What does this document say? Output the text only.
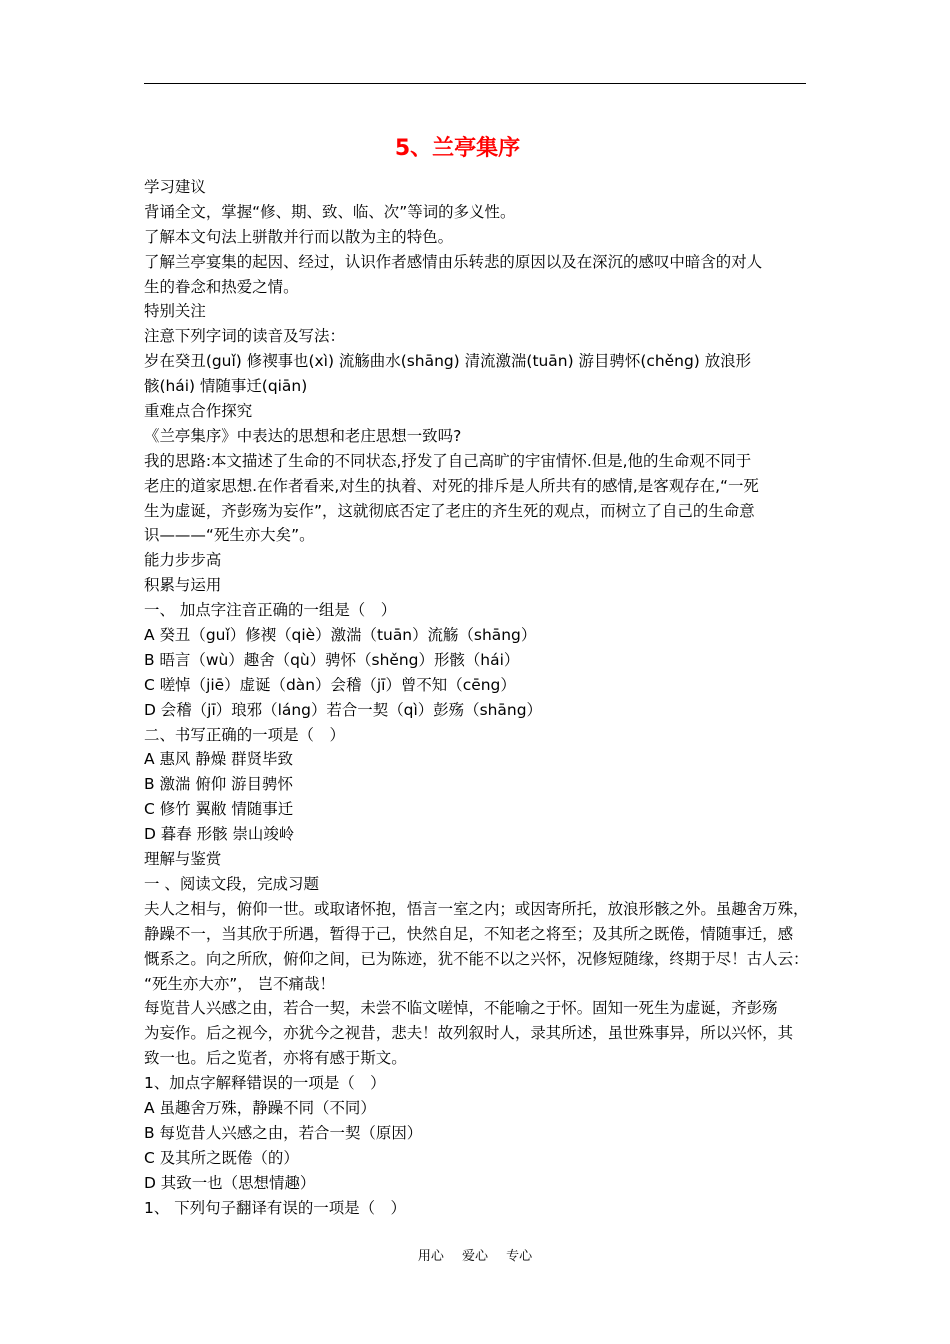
5、兰亭集序
学习建议
背诵全文，掌握“修、期、致、临、次”等词的多义性。
了解本文句法上骈散并行而以散为主的特色。
了解兰亭宴集的起因、经过，认识作者感情由乐转悲的原因以及在深沉的感叹中暗含的对人
生的眷念和热爱之情。
特别关注
注意下列字词的读音及写法：
岁在癸丑(guǐ) 修禊事也(xì) 流觞曲水(shāng) 清流激湍(tuān) 游目骋怀(chěng) 放浪形
骸(hái) 情随事迁(qiān)
重难点合作探究
《兰亭集序》中表达的思想和老庄思想一致吗?
我的思路:本文描述了生命的不同状态,抒发了自己高旷的宇宙情怀.但是,他的生命观不同于
老庄的道家思想.在作者看来,对生的执着、对死的排斥是人所共有的感情,是客观存在,“一死
生为虚诞，齐彭殇为妄作”，这就彻底否定了老庄的齐生死的观点，而树立了自己的生命意
识———“死生亦大矣”。
能力步步高
积累与运用
一、 加点字注音正确的一组是（　）
A 癸丑（guǐ）修禊（qiè）激湍（tuān）流觞（shāng）
B 晤言（wù）趣舍（qù）骋怀（shěng）形骸（hái）
C 嗟悼（jiē）虚诞（dàn）会稽（jī）曾不知（cēng）
D 会稽（jī）琅邪（láng）若合一契（qì）彭殇（shāng）
二、书写正确的一项是（　）
A 惠风 静燥 群贤毕致
B 激湍 俯仰 游目骋怀
C 修竹 翼敝 情随事迁
D 暮春 形骸 崇山竣岭
理解与鉴赏
一 、阅读文段，完成习题
夫人之相与，俯仰一世。或取诸怀抱，悟言一室之内；或因寄所托，放浪形骸之外。虽趣舍万殊，
静躁不一，当其欣于所遇，暂得于己，快然自足，不知老之将至；及其所之既倦，情随事迁，感
慨系之。向之所欣，俯仰之间，已为陈迹，犹不能不以之兴怀，况修短随缘，终期于尽！古人云：
“死生亦大亦”， 岂不痛哉！
每览昔人兴感之由，若合一契，未尝不临文嗟悼，不能喻之于怀。固知一死生为虚诞，齐彭殇
为妄作。后之视今，亦犹今之视昔，悲夫！故列叙时人，录其所述，虽世殊事异，所以兴怀，其
致一也。后之览者，亦将有感于斯文。
1、加点字解释错误的一项是（　）
A 虽趣舍万殊，静躁不同（不同）
B 每览昔人兴感之由，若合一契（原因）
C 及其所之既倦（的）
D 其致一也（思想情趣）
1、 下列句子翻译有误的一项是（　）
用心 爱心 专心
